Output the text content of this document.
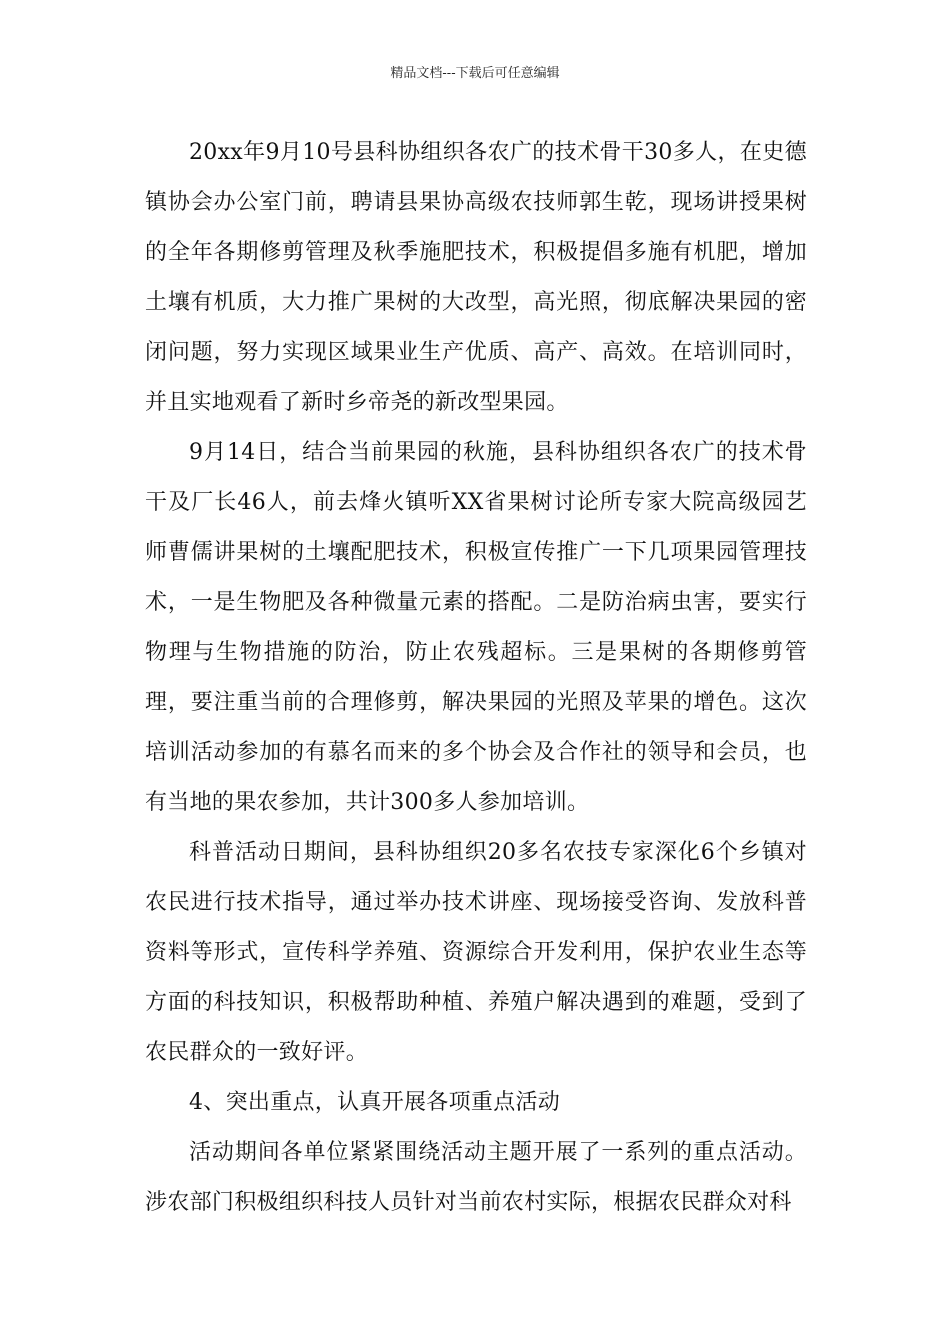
精品文档---下载后可任意编辑

20xx年9月10号县科协组织各农广的技术骨干30多人，在史德镇协会办公室门前，聘请县果协高级农技师郭生乾，现场讲授果树的全年各期修剪管理及秋季施肥技术，积极提倡多施有机肥，增加土壤有机质，大力推广果树的大改型，高光照，彻底解决果园的密闭问题，努力实现区域果业生产优质、高产、高效。在培训同时，并且实地观看了新时乡帝尧的新改型果园。

9月14日，结合当前果园的秋施，县科协组织各农广的技术骨干及厂长46人，前去烽火镇听XX省果树讨论所专家大院高级园艺师曹儒讲果树的土壤配肥技术，积极宣传推广一下几项果园管理技术，一是生物肥及各种微量元素的搭配。二是防治病虫害，要实行物理与生物措施的防治，防止农残超标。三是果树的各期修剪管理，要注重当前的合理修剪，解决果园的光照及苹果的增色。这次培训活动参加的有慕名而来的多个协会及合作社的领导和会员，也有当地的果农参加，共计300多人参加培训。

科普活动日期间，县科协组织20多名农技专家深化6个乡镇对农民进行技术指导，通过举办技术讲座、现场接受咨询、发放科普资料等形式，宣传科学养殖、资源综合开发利用，保护农业生态等方面的科技知识，积极帮助种植、养殖户解决遇到的难题，受到了农民群众的一致好评。

4、突出重点，认真开展各项重点活动

活动期间各单位紧紧围绕活动主题开展了一系列的重点活动。涉农部门积极组织科技人员针对当前农村实际，根据农民群众对科
